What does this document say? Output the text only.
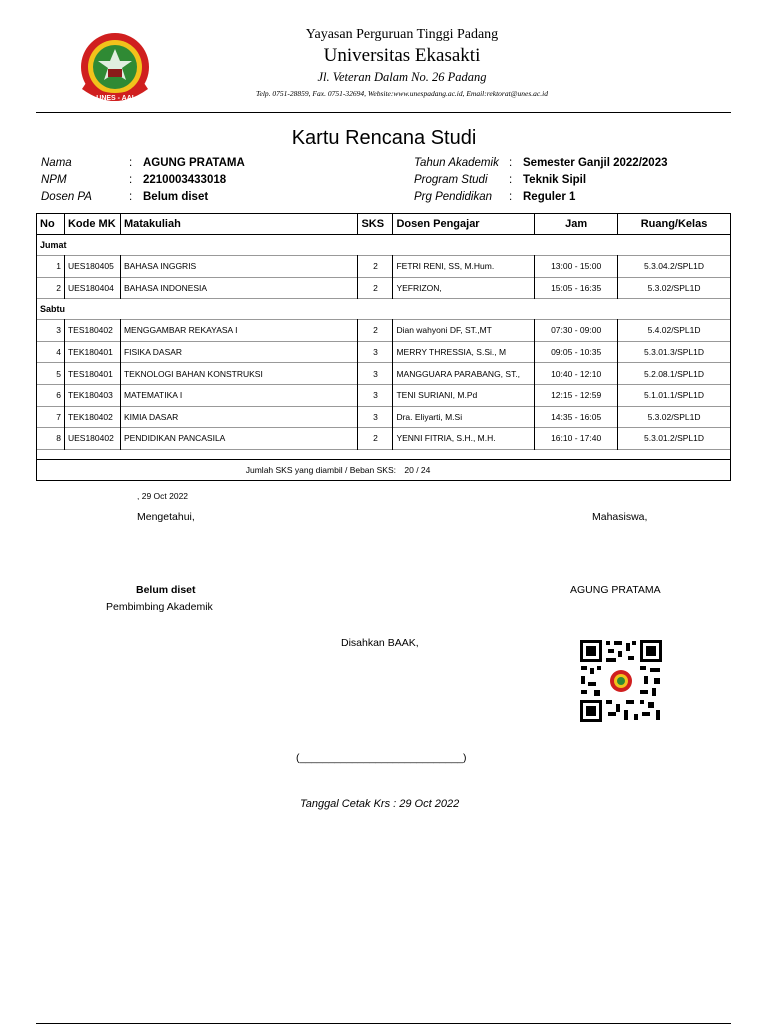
UNES - AAI
Yayasan Perguruan Tinggi Padang
Universitas Ekasakti
Jl. Veteran Dalam No. 26 Padang
Telp. 0751-28859, Fax. 0751-32694, Website:www.unespadang.ac.id, Email:rektorat@unes.ac.id
Kartu Rencana Studi
Nama	: AGUNG PRATAMA
NPM	: 2210003433018
Dosen PA	: Belum diset
Tahun Akademik : Semester Ganjil 2022/2023
Program Studi : Teknik Sipil
Prg Pendidikan : Reguler 1
No	Kode MK	Matakuliah	SKS	Dosen Pengajar	Jam	Ruang/Kelas
Jumat						
1	UES180405	BAHASA INGGRIS	2	FETRI RENI, SS, M.Hum.	13:00 - 15:00	5.3.04.2/SPL1D
2	UES180404	BAHASA INDONESIA	2	YEFRIZON,	15:05 - 16:35	5.3.02/SPL1D
Sabtu						
3	TES180402	MENGGAMBAR REKAYASA I	2	Dian wahyoni DF, ST.,MT	07:30 - 09:00	5.4.02/SPL1D
4	TEK180401	FISIKA DASAR	3	MERRY THRESSIA, S.Si., M	09:05 - 10:35	5.3.01.3/SPL1D
5	TES180401	TEKNOLOGI BAHAN KONSTRUKSI	3	MANGGUARA PARABANG, ST.,	10:40 - 12:10	5.2.08.1/SPL1D
6	TEK180403	MATEMATIKA I	3	TENI SURIANI, M.Pd	12:15 - 12:59	5.1.01.1/SPL1D
7	TEK180402	KIMIA DASAR	3	Dra. Eliyarti, M.Si	14:35 - 16:05	5.3.02/SPL1D
8	UES180402	PENDIDIKAN PANCASILA	2	YENNI FITRIA, S.H., M.H.	16:10 - 17:40	5.3.01.2/SPL1D

Jumlah SKS yang diambil / Beban SKS: 20 / 24						
, 29 Oct 2022
Mengetahui,	Mahasiswa,
Belum diset
Pembimbing Akademik
AGUNG PRATAMA
Disahkan BAAK,
(____________________________)
Tanggal Cetak Krs : 29 Oct 2022
